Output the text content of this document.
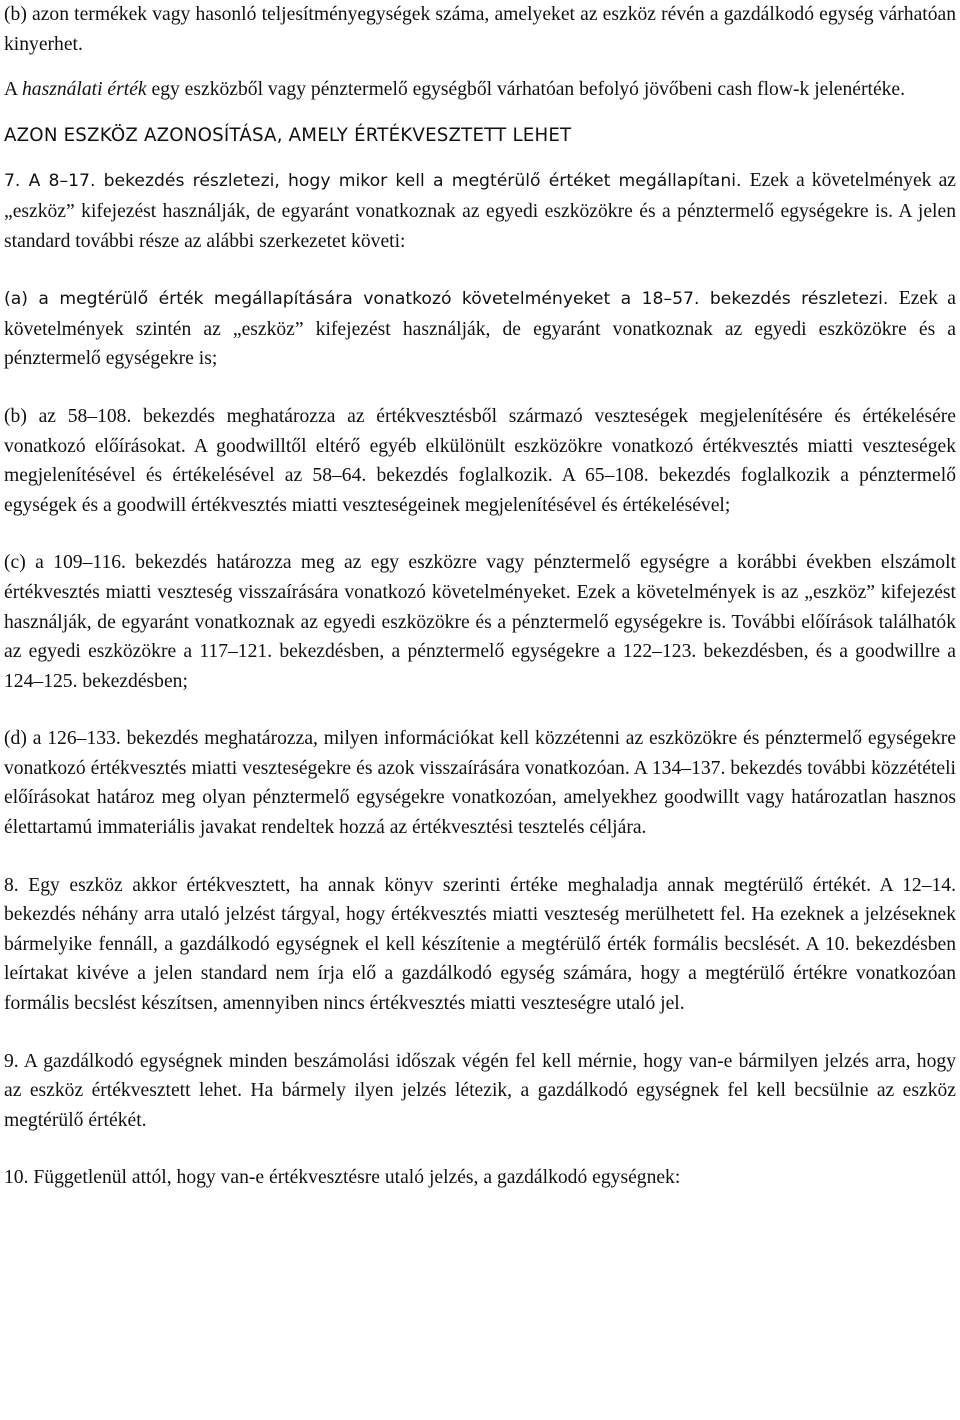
(b) azon termékek vagy hasonló teljesítményegységek száma, amelyeket az eszköz révén a gazdálkodó egység várhatóan kinyerhet.

A használati érték egy eszközből vagy pénztermelő egységből várhatóan befolyó jövőbeni cash flow-k jelenértéke.

AZON ESZKÖZ AZONOSÍTÁSA, AMELY ÉRTÉKVESZTETT LEHET

7. A 8–17. bekezdés részletezi, hogy mikor kell a megtérülő értéket megállapítani. Ezek a követelmények az „eszköz” kifejezést használják, de egyaránt vonatkoznak az egyedi eszközökre és a pénztermelő egységekre is. A jelen standard további része az alábbi szerkezetet követi:

(a) a megtérülő érték megállapítására vonatkozó követelményeket a 18–57. bekezdés részletezi. Ezek a követelmények szintén az „eszköz” kifejezést használják, de egyaránt vonatkoznak az egyedi eszközökre és a pénztermelő egységekre is;

(b) az 58–108. bekezdés meghatározza az értékvesztésből származó veszteségek megjelenítésére és értékelésére vonatkozó előírásokat. A goodwilltől eltérő egyéb elkülönült eszközökre vonatkozó értékvesztés miatti veszteségek megjelenítésével és értékelésével az 58–64. bekezdés foglalkozik. A 65–108. bekezdés foglalkozik a pénztermelő egységek és a goodwill értékvesztés miatti veszteségeinek megjelenítésével és értékelésével;

(c) a 109–116. bekezdés határozza meg az egy eszközre vagy pénztermelő egységre a korábbi években elszámolt értékvesztés miatti veszteség visszaírására vonatkozó követelményeket. Ezek a követelmények is az „eszköz” kifejezést használják, de egyaránt vonatkoznak az egyedi eszközökre és a pénztermelő egységekre is. További előírások találhatók az egyedi eszközökre a 117–121. bekezdésben, a pénztermelő egységekre a 122–123. bekezdésben, és a goodwillre a 124–125. bekezdésben;

(d) a 126–133. bekezdés meghatározza, milyen információkat kell közzétenni az eszközökre és pénztermelő egységekre vonatkozó értékvesztés miatti veszteségekre és azok visszaírására vonatkozóan. A 134–137. bekezdés további közzétételi előírásokat határoz meg olyan pénztermelő egységekre vonatkozóan, amelyekhez goodwillt vagy határozatlan hasznos élettartamú immateriális javakat rendeltek hozzá az értékvesztési tesztelés céljára.

8. Egy eszköz akkor értékvesztett, ha annak könyv szerinti értéke meghaladja annak megtérülő értékét. A 12–14. bekezdés néhány arra utaló jelzést tárgyal, hogy értékvesztés miatti veszteség merülhetett fel. Ha ezeknek a jelzéseknek bármelyike fennáll, a gazdálkodó egységnek el kell készítenie a megtérülő érték formális becslését. A 10. bekezdésben leírtakat kivéve a jelen standard nem írja elő a gazdálkodó egység számára, hogy a megtérülő értékre vonatkozóan formális becslést készítsen, amennyiben nincs értékvesztés miatti veszteségre utaló jel.

9. A gazdálkodó egységnek minden beszámolási időszak végén fel kell mérnie, hogy van-e bármilyen jelzés arra, hogy az eszköz értékvesztett lehet. Ha bármely ilyen jelzés létezik, a gazdálkodó egységnek fel kell becsülnie az eszköz megtérülő értékét.

10. Függetlenül attól, hogy van-e értékvesztésre utaló jelzés, a gazdálkodó egységnek:
